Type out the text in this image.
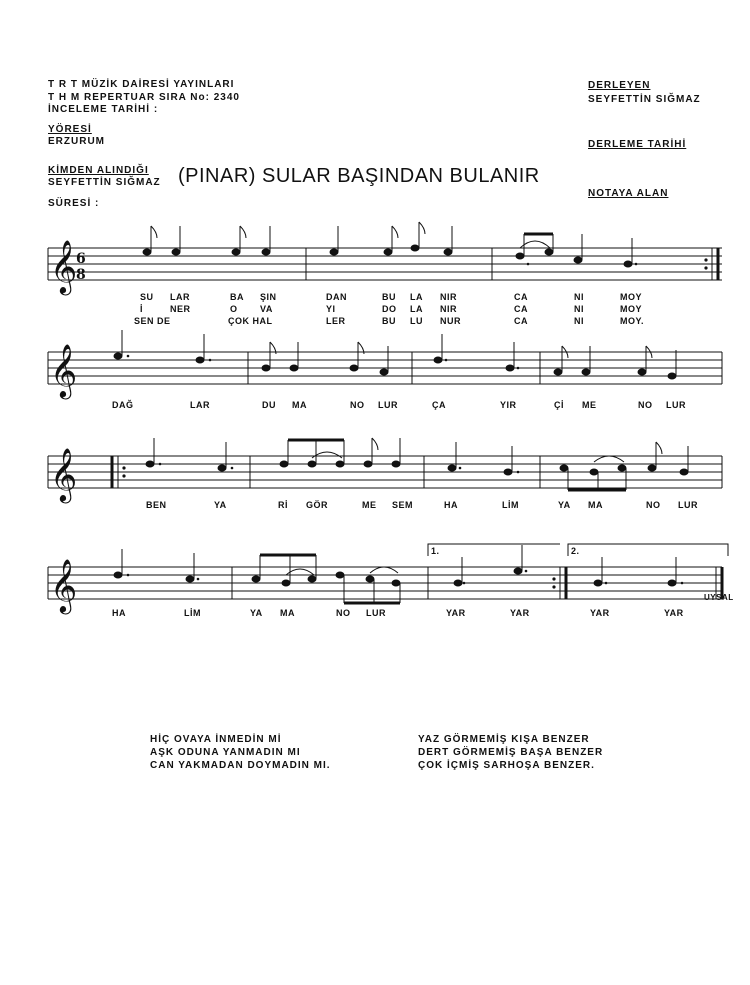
T R T MÜZİK DAİRESİ YAYINLARI
T H M REPERTUAR SIRA No: 2340
İNCELEME TARİHİ :
YÖRESİ
ERZURUM
KİMDEN ALINDIĞI
SEYFETTİN SIĞMAZ
SÜRESİ :
DERLEYEN
SEYFETTİN SIĞMAZ
DERLEME TARİHİ
NOTAYA ALAN
(PINAR) SULAR BAŞINDAN BULANIR
𝄞
𝄞
𝄞
𝄞
6
8
1.	2.
UYSAL
SU LAR	BA ŞIN	DAN	BU LA NIR	CA	NI	MOY
İ	NER	O VA	YI	DO LA NIR	CA	NI	MOY
SEN DE	ÇOK HAL	LER	BU LU NUR	CA	NI	MOY.
DAĞ	LAR	DU MA	NO LUR	ÇA	YIR	Çİ ME	NO LUR
BEN	YA	Rİ GÖR	ME SEM	HA	LİM	YA MA	NO LUR
HA	LİM	YA MA	NO LUR	YAR	YAR	YAR	YAR
HİÇ OVAYA İNMEDİN Mİ
AŞK ODUNA YANMADIN MI
CAN YAKMADAN DOYMADIN MI.
YAZ GÖRMEMİŞ KIŞA BENZER
DERT GÖRMEMİŞ BAŞA BENZER
ÇOK İÇMİŞ SARHOŞA BENZER.
